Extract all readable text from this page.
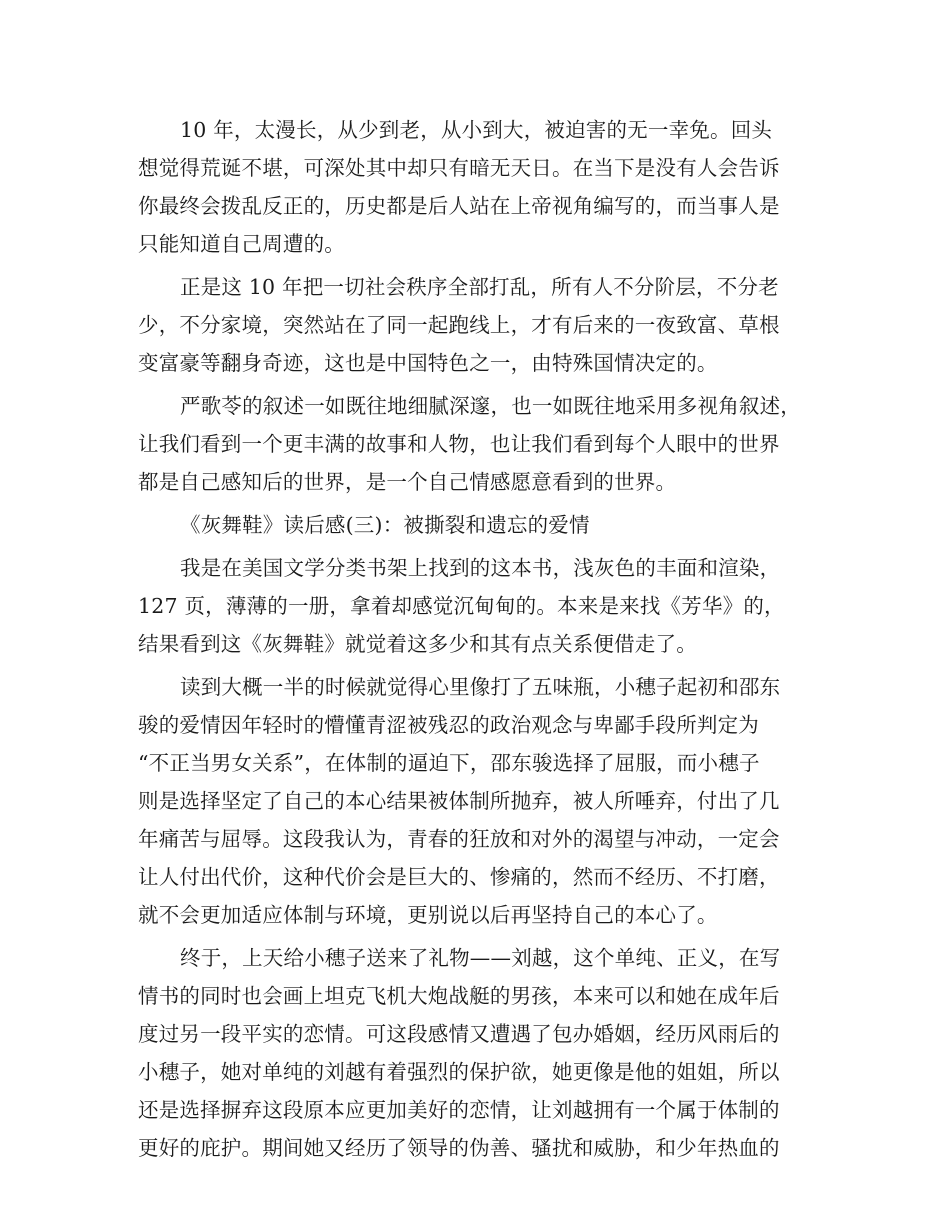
10 年，太漫长，从少到老，从小到大，被迫害的无一幸免。回头
想觉得荒诞不堪，可深处其中却只有暗无天日。在当下是没有人会告诉
你最终会拨乱反正的，历史都是后人站在上帝视角编写的，而当事人是
只能知道自己周遭的。

正是这 10 年把一切社会秩序全部打乱，所有人不分阶层，不分老
少，不分家境，突然站在了同一起跑线上，才有后来的一夜致富、草根
变富豪等翻身奇迹，这也是中国特色之一，由特殊国情决定的。

严歌苓的叙述一如既往地细腻深邃，也一如既往地采用多视角叙述，
让我们看到一个更丰满的故事和人物，也让我们看到每个人眼中的世界
都是自己感知后的世界，是一个自己情感愿意看到的世界。

《灰舞鞋》读后感(三)：被撕裂和遗忘的爱情

我是在美国文学分类书架上找到的这本书，浅灰色的丰面和渲染，
127 页，薄薄的一册，拿着却感觉沉甸甸的。本来是来找《芳华》的，
结果看到这《灰舞鞋》就觉着这多少和其有点关系便借走了。

读到大概一半的时候就觉得心里像打了五味瓶，小穗子起初和邵东
骏的爱情因年轻时的懵懂青涩被残忍的政治观念与卑鄙手段所判定为
“不正当男女关系”，在体制的逼迫下，邵东骏选择了屈服，而小穗子
则是选择坚定了自己的本心结果被体制所抛弃，被人所唾弃，付出了几
年痛苦与屈辱。这段我认为，青春的狂放和对外的渴望与冲动，一定会
让人付出代价，这种代价会是巨大的、惨痛的，然而不经历、不打磨，
就不会更加适应体制与环境，更别说以后再坚持自己的本心了。

终于，上天给小穗子送来了礼物——刘越，这个单纯、正义，在写
情书的同时也会画上坦克飞机大炮战艇的男孩，本来可以和她在成年后
度过另一段平实的恋情。可这段感情又遭遇了包办婚姻，经历风雨后的
小穗子，她对单纯的刘越有着强烈的保护欲，她更像是他的姐姐，所以
还是选择摒弃这段原本应更加美好的恋情，让刘越拥有一个属于体制的
更好的庇护。期间她又经历了领导的伪善、骚扰和威胁，和少年热血的
